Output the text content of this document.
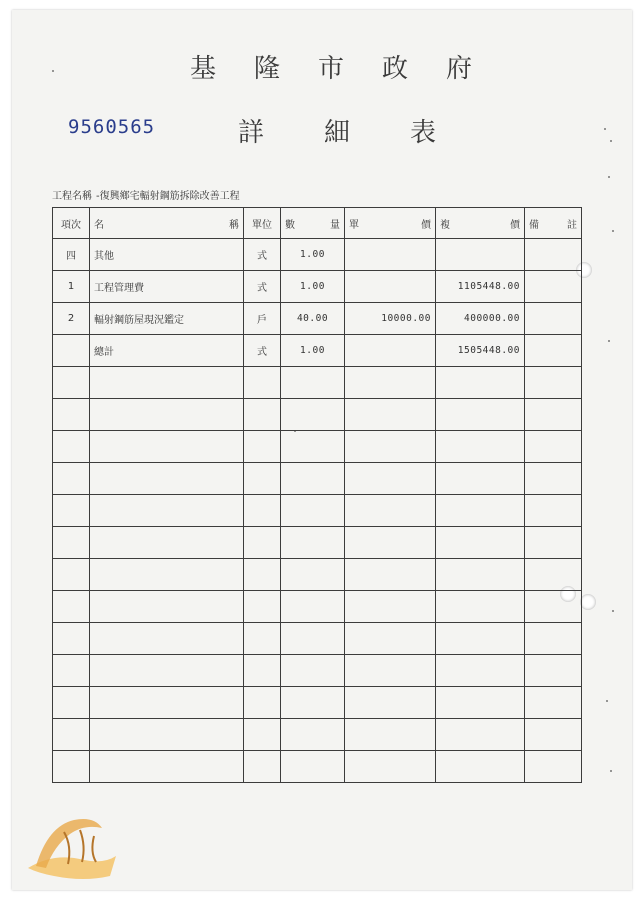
基隆市政府
9560565	詳細表
工程名稱 -復興鄉宅輻射鋼筋拆除改善工程
項次	名 稱	單位	數 量	單 價	複 價	備 註

四	其他	式	1.00			
1	工程管理費	式	1.00		1105448.00	
2	輻射鋼筋屋現況鑑定	戶	40.00	10000.00	400000.00	
	總計	式	1.00		1505448.00	
